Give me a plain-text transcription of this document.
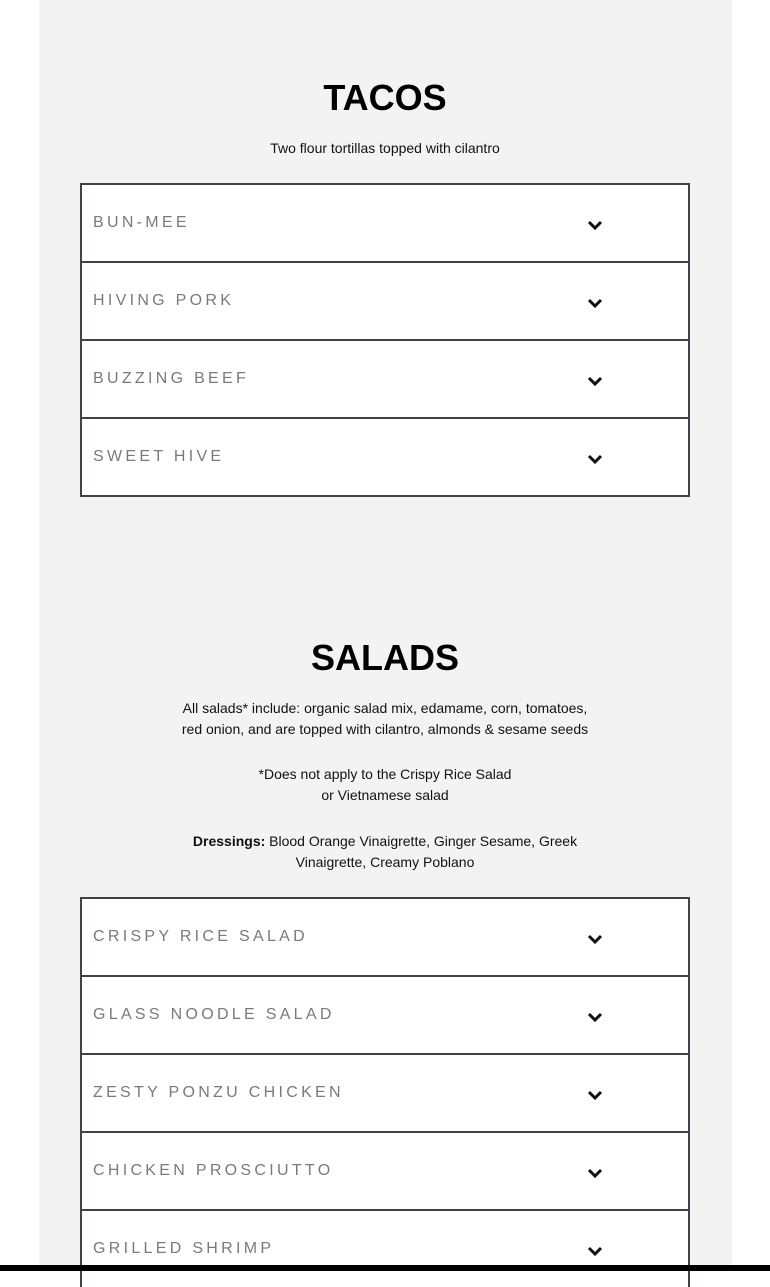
TACOS

Two flour tortillas topped with cilantro

BUN-MEE
HIVING PORK
BUZZING BEEF
SWEET HIVE
SALADS

All salads* include: organic salad mix, edamame, corn, tomatoes,
red onion, and are topped with cilantro, almonds & sesame seeds

*Does not apply to the Crispy Rice Salad
or Vietnamese salad

Dressings: Blood Orange Vinaigrette, Ginger Sesame, Greek
Vinaigrette, Creamy Poblano

CRISPY RICE SALAD
GLASS NOODLE SALAD
ZESTY PONZU CHICKEN
CHICKEN PROSCIUTTO
GRILLED SHRIMP
